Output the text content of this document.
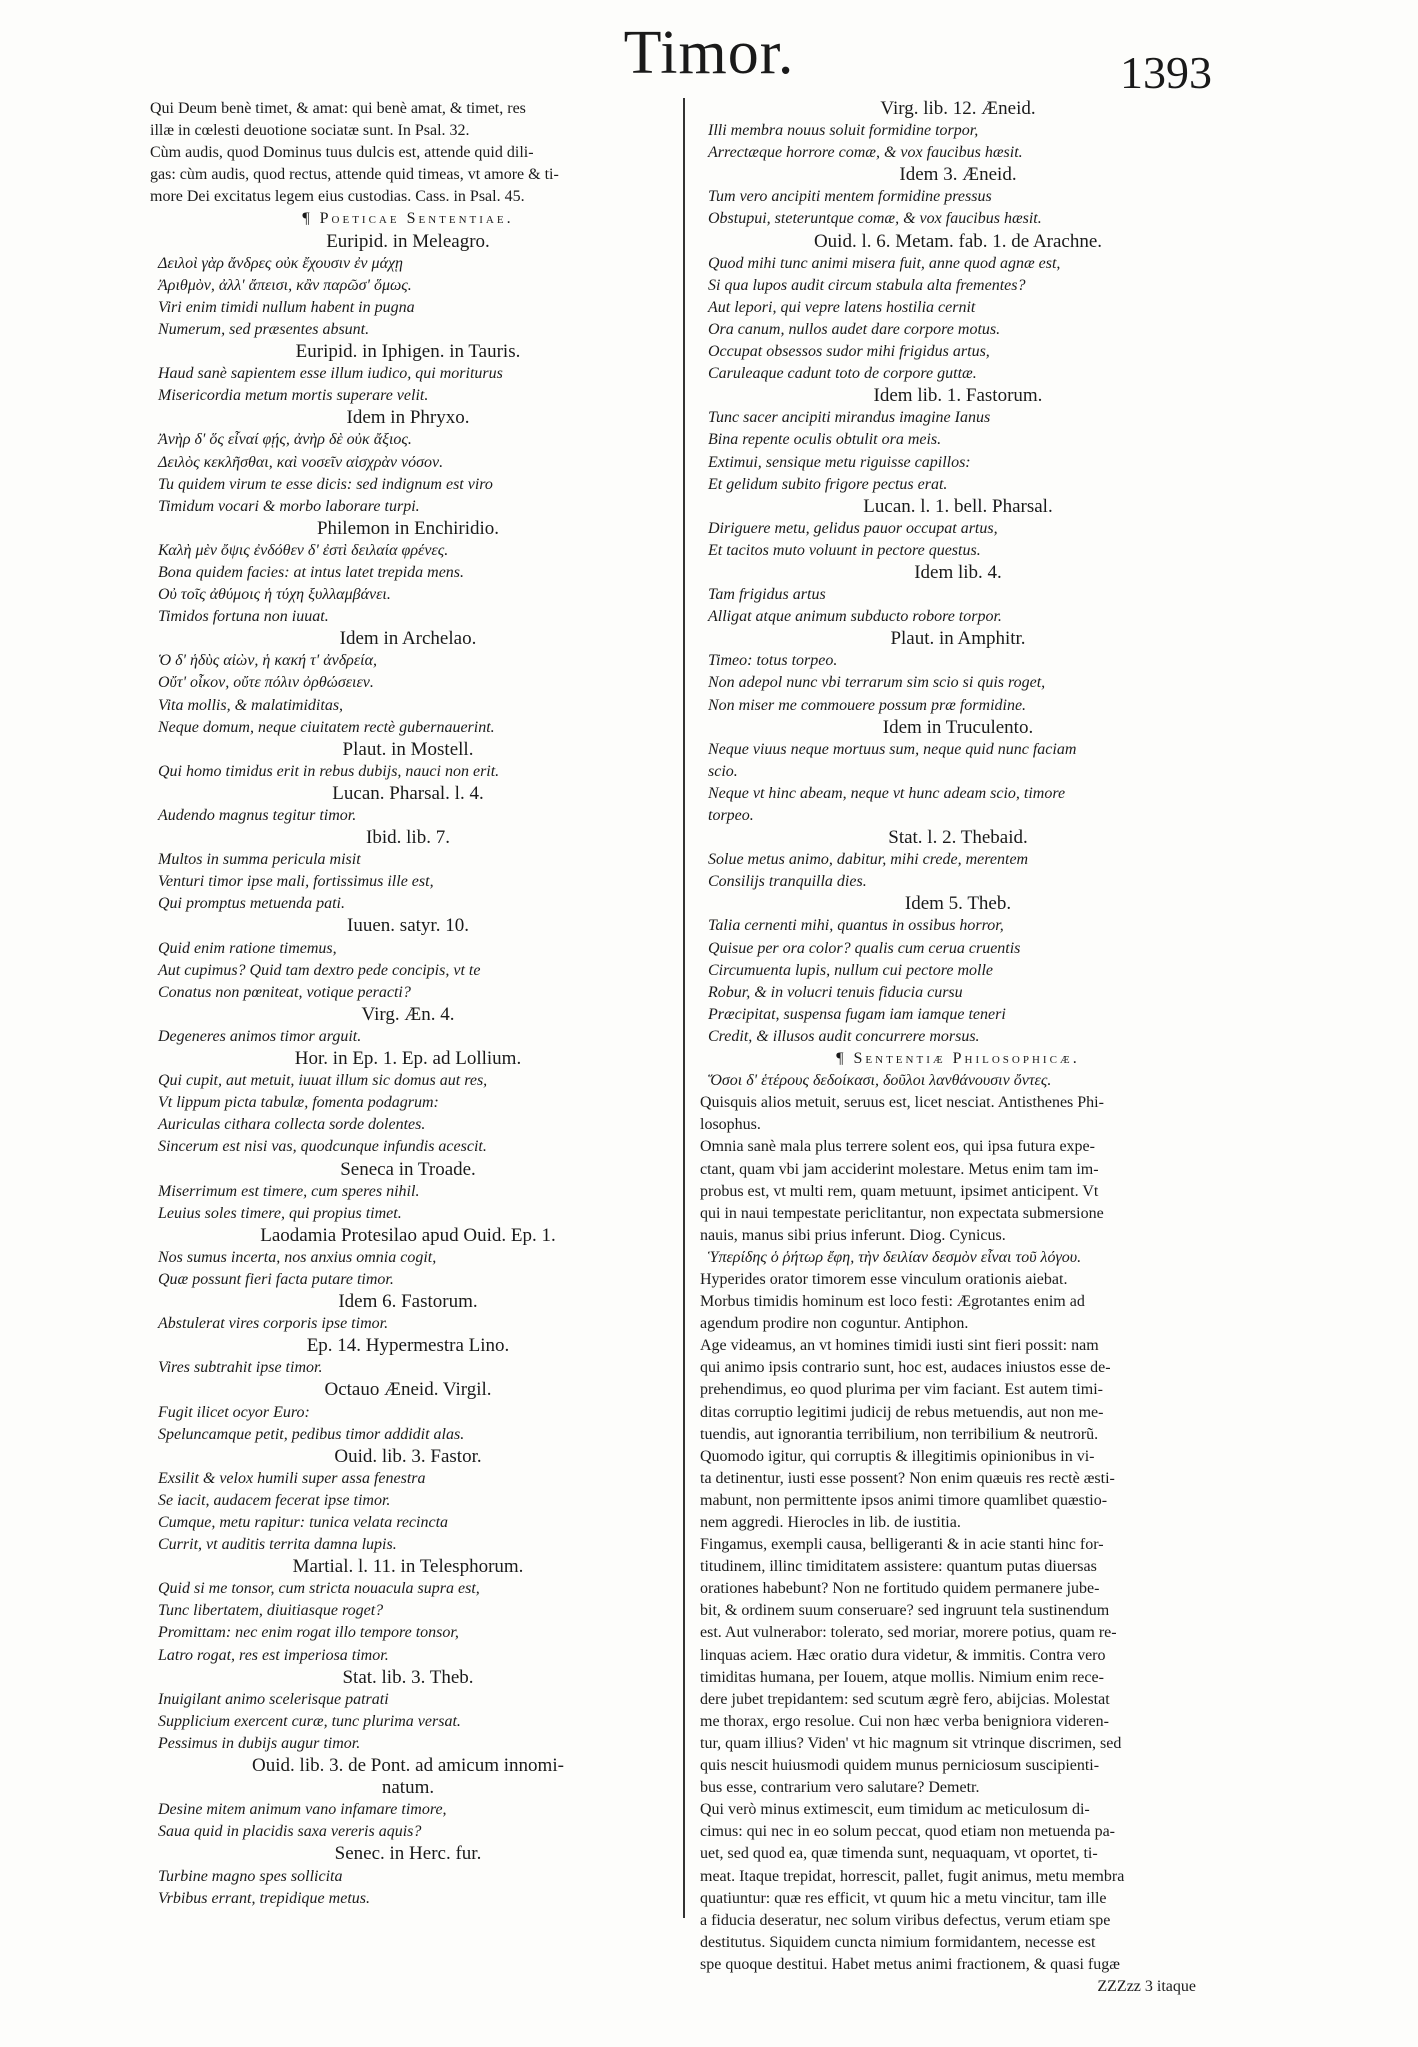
Timor.	1393
Qui Deum benè timet, & amat: qui benè amat, & timet, res
illæ in cœlesti deuotione sociatæ sunt. In Psal. 32.
Cùm audis, quod Dominus tuus dulcis est, attende quid dili-
gas: cùm audis, quod rectus, attende quid timeas, vt amore & ti-
more Dei excitatus legem eius custodias. Cass. in Psal. 45.
¶ Poeticae Sententiae.
Euripid. in Meleagro.
Δειλοὶ γὰρ ἄνδρες οὐκ ἔχουσιν ἐν μάχῃ
Ἀριθμὸν, ἀλλ' ἄπεισι, κἂν παρῶσ' ὅμως.
Viri enim timidi nullum habent in pugna
Numerum, sed præsentes absunt.
Euripid. in Iphigen. in Tauris.
Haud sanè sapientem esse illum iudico, qui moriturus
Misericordia metum mortis superare velit.
Idem in Phryxo.
Ἀνὴρ δ' ὅς εἶναί φῄς, ἀνὴρ δὲ οὐκ ἄξιος.
Δειλὸς κεκλῆσθαι, καὶ νοσεῖν αἰσχρὰν νόσον.
Tu quidem virum te esse dicis: sed indignum est viro
Timidum vocari & morbo laborare turpi.
Philemon in Enchiridio.
Καλὴ μὲν ὄψις ἐνδόθεν δ' ἐστὶ δειλαία φρένες.
Bona quidem facies: at intus latet trepida mens.
Οὐ τοῖς ἀθύμοις ἡ τύχη ξυλλαμβάνει.
Timidos fortuna non iuuat.
Idem in Archelao.
Ὁ δ' ἡδὺς αἰὼν, ἡ κακή τ' ἀνδρεία,
Οὔτ' οἶκον, οὔτε πόλιν ὀρθώσειεν.
Vita mollis, & malatimiditas,
Neque domum, neque ciuitatem rectè gubernauerint.
Plaut. in Mostell.
Qui homo timidus erit in rebus dubijs, nauci non erit.
Lucan. Pharsal. l. 4.
Audendo magnus tegitur timor.
Ibid. lib. 7.
Multos in summa pericula misit
Venturi timor ipse mali, fortissimus ille est,
Qui promptus metuenda pati.
Iuuen. satyr. 10.
Quid enim ratione timemus,
Aut cupimus? Quid tam dextro pede concipis, vt te
Conatus non pœniteat, votique peracti?
Virg. Æn. 4.
Degeneres animos timor arguit.
Hor. in Ep. 1. Ep. ad Lollium.
Qui cupit, aut metuit, iuuat illum sic domus aut res,
Vt lippum picta tabulæ, fomenta podagrum:
Auriculas cithara collecta sorde dolentes.
Sincerum est nisi vas, quodcunque infundis acescit.
Seneca in Troade.
Miserrimum est timere, cum speres nihil.
Leuius soles timere, qui propius timet.
Laodamia Protesilao apud Ouid. Ep. 1.
Nos sumus incerta, nos anxius omnia cogit,
Quæ possunt fieri facta putare timor.
Idem 6. Fastorum.
Abstulerat vires corporis ipse timor.
Ep. 14. Hypermestra Lino.
Vires subtrahit ipse timor.
Octauo Æneid. Virgil.
Fugit ilicet ocyor Euro:
Speluncamque petit, pedibus timor addidit alas.
Ouid. lib. 3. Fastor.
Exsilit & velox humili super assa fenestra
Se iacit, audacem fecerat ipse timor.
Cumque, metu rapitur: tunica velata recincta
Currit, vt auditis territa damna lupis.
Martial. l. 11. in Telesphorum.
Quid si me tonsor, cum stricta nouacula supra est,
Tunc libertatem, diuitiasque roget?
Promittam: nec enim rogat illo tempore tonsor,
Latro rogat, res est imperiosa timor.
Stat. lib. 3. Theb.
Inuigilant animo scelerisque patrati
Supplicium exercent curæ, tunc plurima versat.
Pessimus in dubijs augur timor.
Ouid. lib. 3. de Pont. ad amicum innomi-
natum.
Desine mitem animum vano infamare timore,
Saua quid in placidis saxa vereris aquis?
Senec. in Herc. fur.
Turbine magno spes sollicita
Vrbibus errant, trepidique metus.
Virg. lib. 12. Æneid.
Illi membra nouus soluit formidine torpor,
Arrectæque horrore comæ, & vox faucibus hæsit.
Idem 3. Æneid.
Tum vero ancipiti mentem formidine pressus
Obstupui, steteruntque comæ, & vox faucibus hæsit.
Ouid. l. 6. Metam. fab. 1. de Arachne.
Quod mihi tunc animi misera fuit, anne quod agnæ est,
Si qua lupos audit circum stabula alta frementes?
Aut lepori, qui vepre latens hostilia cernit
Ora canum, nullos audet dare corpore motus.
Occupat obsessos sudor mihi frigidus artus,
Caruleaque cadunt toto de corpore guttæ.
Idem lib. 1. Fastorum.
Tunc sacer ancipiti mirandus imagine Ianus
Bina repente oculis obtulit ora meis.
Extimui, sensique metu riguisse capillos:
Et gelidum subito frigore pectus erat.
Lucan. l. 1. bell. Pharsal.
Diriguere metu, gelidus pauor occupat artus,
Et tacitos muto voluunt in pectore questus.
Idem lib. 4.
Tam frigidus artus
Alligat atque animum subducto robore torpor.
Plaut. in Amphitr.
Timeo: totus torpeo.
Non adepol nunc vbi terrarum sim scio si quis roget,
Non miser me commouere possum præ formidine.
Idem in Truculento.
Neque viuus neque mortuus sum, neque quid nunc faciam
scio.
Neque vt hinc abeam, neque vt hunc adeam scio, timore
torpeo.
Stat. l. 2. Thebaid.
Solue metus animo, dabitur, mihi crede, merentem
Consilijs tranquilla dies.
Idem 5. Theb.
Talia cernenti mihi, quantus in ossibus horror,
Quisue per ora color? qualis cum cerua cruentis
Circumuenta lupis, nullum cui pectore molle
Robur, & in volucri tenuis fiducia cursu
Præcipitat, suspensa fugam iam iamque teneri
Credit, & illusos audit concurrere morsus.
¶ Sententiæ Philosophicæ.
Ὅσοι δ' ἑτέρους δεδοίκασι, δοῦλοι λανθάνουσιν ὄντες.
Quisquis alios metuit, seruus est, licet nesciat. Antisthenes Phi-
losophus.
Omnia sanè mala plus terrere solent eos, qui ipsa futura expe-
ctant, quam vbi jam acciderint molestare. Metus enim tam im-
probus est, vt multi rem, quam metuunt, ipsimet anticipent. Vt
qui in naui tempestate periclitantur, non expectata submersione
nauis, manus sibi prius inferunt. Diog. Cynicus.
Ὑπερίδης ὁ ῥήτωρ ἔφη, τὴν δειλίαν δεσμὸν εἶναι τοῦ λόγου.
Hyperides orator timorem esse vinculum orationis aiebat.
Morbus timidis hominum est loco festi: Ægrotantes enim ad
agendum prodire non coguntur. Antiphon.
Age videamus, an vt homines timidi iusti sint fieri possit: nam
qui animo ipsis contrario sunt, hoc est, audaces iniustos esse de-
prehendimus, eo quod plurima per vim faciant. Est autem timi-
ditas corruptio legitimi judicij de rebus metuendis, aut non me-
tuendis, aut ignorantia terribilium, non terribilium & neutrorũ.
Quomodo igitur, qui corruptis & illegitimis opinionibus in vi-
ta detinentur, iusti esse possent? Non enim quæuis res rectè æsti-
mabunt, non permittente ipsos animi timore quamlibet quæstio-
nem aggredi. Hierocles in lib. de iustitia.
Fingamus, exempli causa, belligeranti & in acie stanti hinc for-
titudinem, illinc timiditatem assistere: quantum putas diuersas
orationes habebunt? Non ne fortitudo quidem permanere jube-
bit, & ordinem suum conseruare? sed ingruunt tela sustinendum
est. Aut vulnerabor: tolerato, sed moriar, morere potius, quam re-
linquas aciem. Hæc oratio dura videtur, & immitis. Contra vero
timiditas humana, per Iouem, atque mollis. Nimium enim rece-
dere jubet trepidantem: sed scutum ægrè fero, abijcias. Molestat
me thorax, ergo resolue. Cui non hæc verba benigniora videren-
tur, quam illius? Viden' vt hic magnum sit vtrinque discrimen, sed
quis nescit huiusmodi quidem munus perniciosum suscipienti-
bus esse, contrarium vero salutare? Demetr.
Qui verò minus extimescit, eum timidum ac meticulosum di-
cimus: qui nec in eo solum peccat, quod etiam non metuenda pa-
uet, sed quod ea, quæ timenda sunt, nequaquam, vt oportet, ti-
meat. Itaque trepidat, horrescit, pallet, fugit animus, metu membra
quatiuntur: quæ res efficit, vt quum hic a metu vincitur, tam ille
a fiducia deseratur, nec solum viribus defectus, verum etiam spe
destitutus. Siquidem cuncta nimium formidantem, necesse est
spe quoque destitui. Habet metus animi fractionem, & quasi fugæ
ZZZzz 3 itaque
